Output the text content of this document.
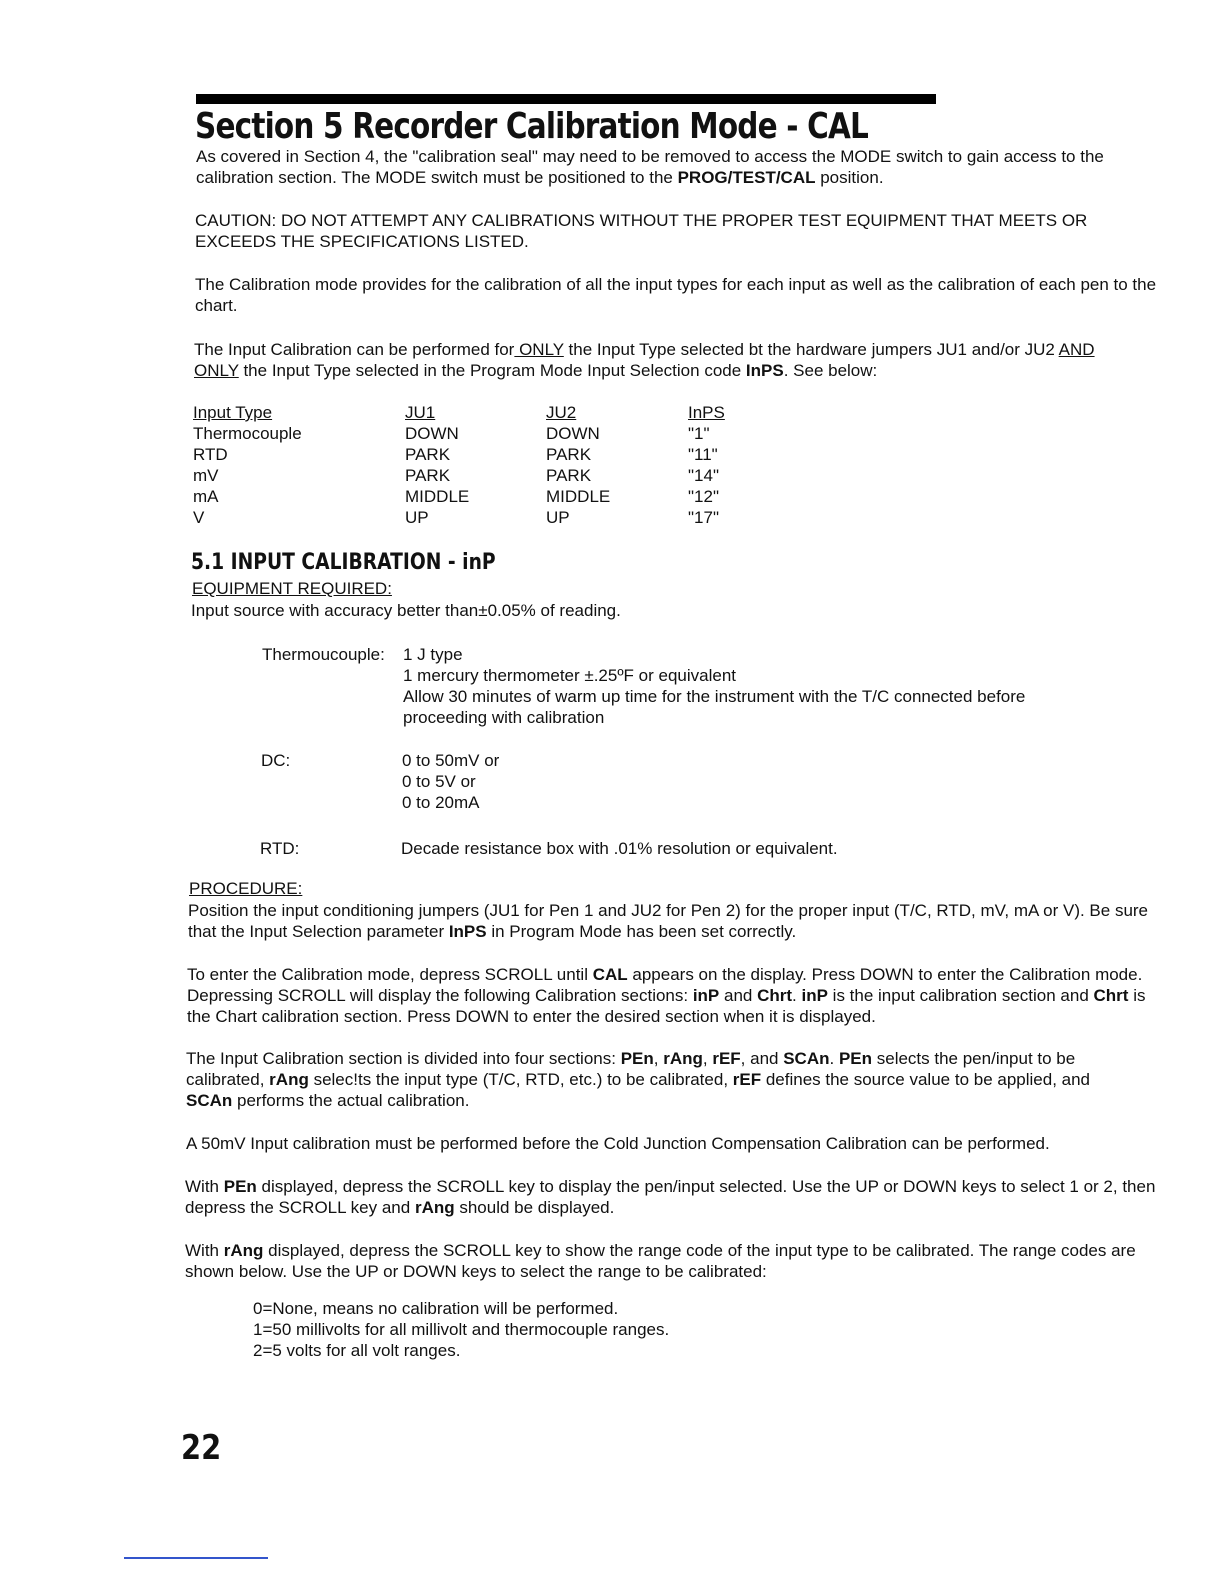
Section 5 Recorder Calibration Mode - CAL

As covered in Section 4, the "calibration seal" may need to be removed to access the MODE switch to gain access to the calibration section. The MODE switch must be positioned to the PROG/TEST/CAL position.

CAUTION: DO NOT ATTEMPT ANY CALIBRATIONS WITHOUT THE PROPER TEST EQUIPMENT THAT MEETS OR EXCEEDS THE SPECIFICATIONS LISTED.

The Calibration mode provides for the calibration of all the input types for each input as well as the calibration of each pen to the chart.

The Input Calibration can be performed for ONLY the Input Type selected bt the hardware jumpers JU1 and/or JU2 AND
ONLY the Input Type selected in the Program Mode Input Selection code InPS. See below:

Input Type	JU1	JU2	InPS
Thermocouple	DOWN	DOWN	"1"
RTD	PARK	PARK	"11"
mV	PARK	PARK	"14"
mA	MIDDLE	MIDDLE	"12"
V	UP	UP	"17"
5.1 INPUT CALIBRATION - inP

EQUIPMENT REQUIRED:

Input source with accuracy better than±0.05% of reading.

Thermoucouple: 1 J type
1 mercury thermometer ±.25ºF or equivalent
Allow 30 minutes of warm up time for the instrument with the T/C connected before
proceeding with calibration
DC:	0 to 50mV or
0 to 5V or
0 to 20mA
RTD:	Decade resistance box with .01% resolution or equivalent.

PROCEDURE:

Position the input conditioning jumpers (JU1 for Pen 1 and JU2 for Pen 2) for the proper input (T/C, RTD, mV, mA or V). Be sure that the Input Selection parameter InPS in Program Mode has been set correctly.

To enter the Calibration mode, depress SCROLL until CAL appears on the display. Press DOWN to enter the Calibration mode. Depressing SCROLL will display the following Calibration sections: inP and Chrt. inP is the input calibration section and Chrt is the Chart calibration section. Press DOWN to enter the desired section when it is displayed.

The Input Calibration section is divided into four sections: PEn, rAng, rEF, and SCAn. PEn selects the pen/input to be calibrated, rAng selec!ts the input type (T/C, RTD, etc.) to be calibrated, rEF defines the source value to be applied, and SCAn performs the actual calibration.

A 50mV Input calibration must be performed before the Cold Junction Compensation Calibration can be performed.

With PEn displayed, depress the SCROLL key to display the pen/input selected. Use the UP or DOWN keys to select 1 or 2, then depress the SCROLL key and rAng should be displayed.

With rAng displayed, depress the SCROLL key to show the range code of the input type to be calibrated. The range codes are shown below. Use the UP or DOWN keys to select the range to be calibrated:

0=None, means no calibration will be performed.
1=50 millivolts for all millivolt and thermocouple ranges.
2=5 volts for all volt ranges.
22
